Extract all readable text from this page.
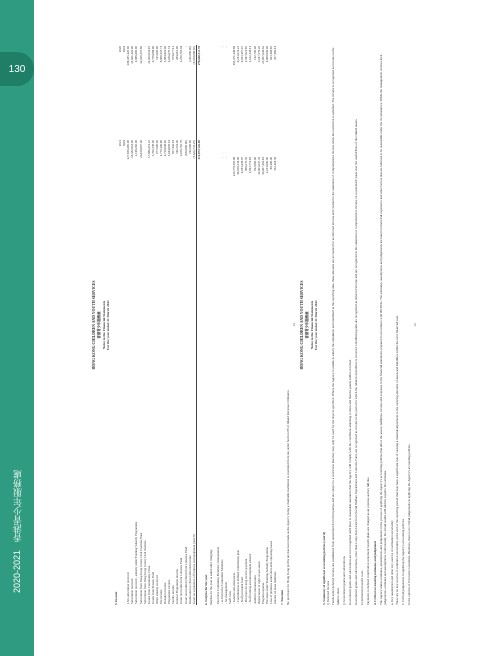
130
香港青少年服務處
2020-2021
HONG KONG CHILDREN AND YOUTH SERVICES 香港青少年服務處 Notes to the Financial Statements For the year ended 31 March 2021
5. Income
	2021	2020
	HK$	HK$
LSG subvention received	227,830,495.00	208,435,120.00
Subvention received	14,582,961.00	13,661,120.00
Subvention received - subsidy under Training Subsidy Programme	2,118,260.00	1,988,400.00
Subvention from Hong Kong Jockey Club Charities Trust	26,168,867.60	12,020,155.80
Subvention from Hong Kong Jockey Club charities	-	-
Grants from Community Chest	17,886,451.22	21,660,041.19
Grants from Trustee Fund	3,706,338.00	4,758,088.00
Other subsidy received	977,600.00	515,900.00
Fee income	1,770,146.80	8,908,133.71
Donation income	4,729,948.96	5,884,801.00
Programme income	5,644,859.61	6,636,670.31
Sundry income	857,442.81	874,677.11
General Programme income	316,561.40	284,616.00
Grant receivable from Lotteries Fund	2,650,765.79	2,256,793.64
Grant receivable/(refund) from Lotteries Fund	(186,800.00)	-
Reallocation to (from) deferred income	211,000.00	(211,000.00)
Grant on acquisition of furniture and equipment (note 8)	(3,626,733.25)	(4,568,089.02)
	312,872,145.09	278,060,311.78
6. Surplus for the year Surplus for the year is stated after charging: Executive Committee Members' remuneration		
- as Executive Committee Members	-	-
- for management	-	-
Staff costs		
- Salaries and allowances	215,578,393.98	193,471,149.98
- Contributions to defined contribution plan	10,169,334.68	9,213,631.23
- Staff provident fund	9,183,438.87	9,193,107.07
- Provision for long service payment	998,576.50	1,587,921.85
- Staff training and development scheme	1,813,751.19	1,622,138.11
Auditor's remuneration	192,800.00	112,700.00
Depreciation of right-of-use assets	13,905,047.33	3,017,579.20
Program expense	16,867,102.18	23,867,644.62
Provision under Training Subsidy Programme	2,133,000.00	1,900,000.00
Loss of premises under short-term operating leases	88,180.00	603,198.85
Interest on lease liabilities	332,118.58	267,186.14
7. Taxation No provision for Hong Kong profits tax has been made as the Agency being a charitable institution is exempted from tax under Section 88 of Inland Revenue Ordinance.

14 HONG KONG CHILDREN AND YOUTH SERVICES 香港青少年服務處 Notes to the Financial Statements For the year ended 31 March 2021
3. Summary of significant accounting policies (cont'd) i) Deferred income Funds under deferred income are established from unremitted from third parties and are subject to a restriction that they may only be used for the objects specified. Where the Agency is unable to satisfy the stipulation and unutilized at the reporting date, these amounts are accounted for as deferred income and credited to the statement of comprehensive income when the restriction is satisfied. The income is recognized as income on the balance sheet. j) Government grants and subventions Government grants and subventions are not recognized until there is reasonable assurance that the Agency will comply with the conditions attaching to them and that the grants will be received. Government grants and subventions, other than Lump Sum Grant from Social Welfare Department and Lotteries Fund, are recognized as income in the period in which the related expenditure is incurred. Unutilized grants are recognized as deferred income and are recognized in the statement of comprehensive income on a systematic basis over the useful lives of the related assets. k) Retirement benefit costs Payments to defined contribution retirement benefit plans are charged as an expense as they fall due. 4. Critical accounting estimates and judgement The Agency makes estimates, assumptions and judgements in the process of applying the Agency's accounting policies that affect the assets, liabilities, income and expenses in the financial statements prepared in accordance with HKFRSs. The estimates, assumptions and judgements are based on historical experience and other factors that are believed to be reasonable under the circumstances. While the management reviews their judgements, estimates and assumptions continuously, the actual results will seldom equal to the estimates. a. Key assumption and other key sources of estimation uncertainty There are no key sources of estimation uncertainty at the end of the reporting period that may have a significant risk of causing a material adjustment to the carrying amounts of assets and liabilities within the next financial year. b. Critical judgements in applying the Agency's accounting policies In the opinion of Executive Committee Members, there is no critical judgements in applying the Agency's accounting policies.

13
